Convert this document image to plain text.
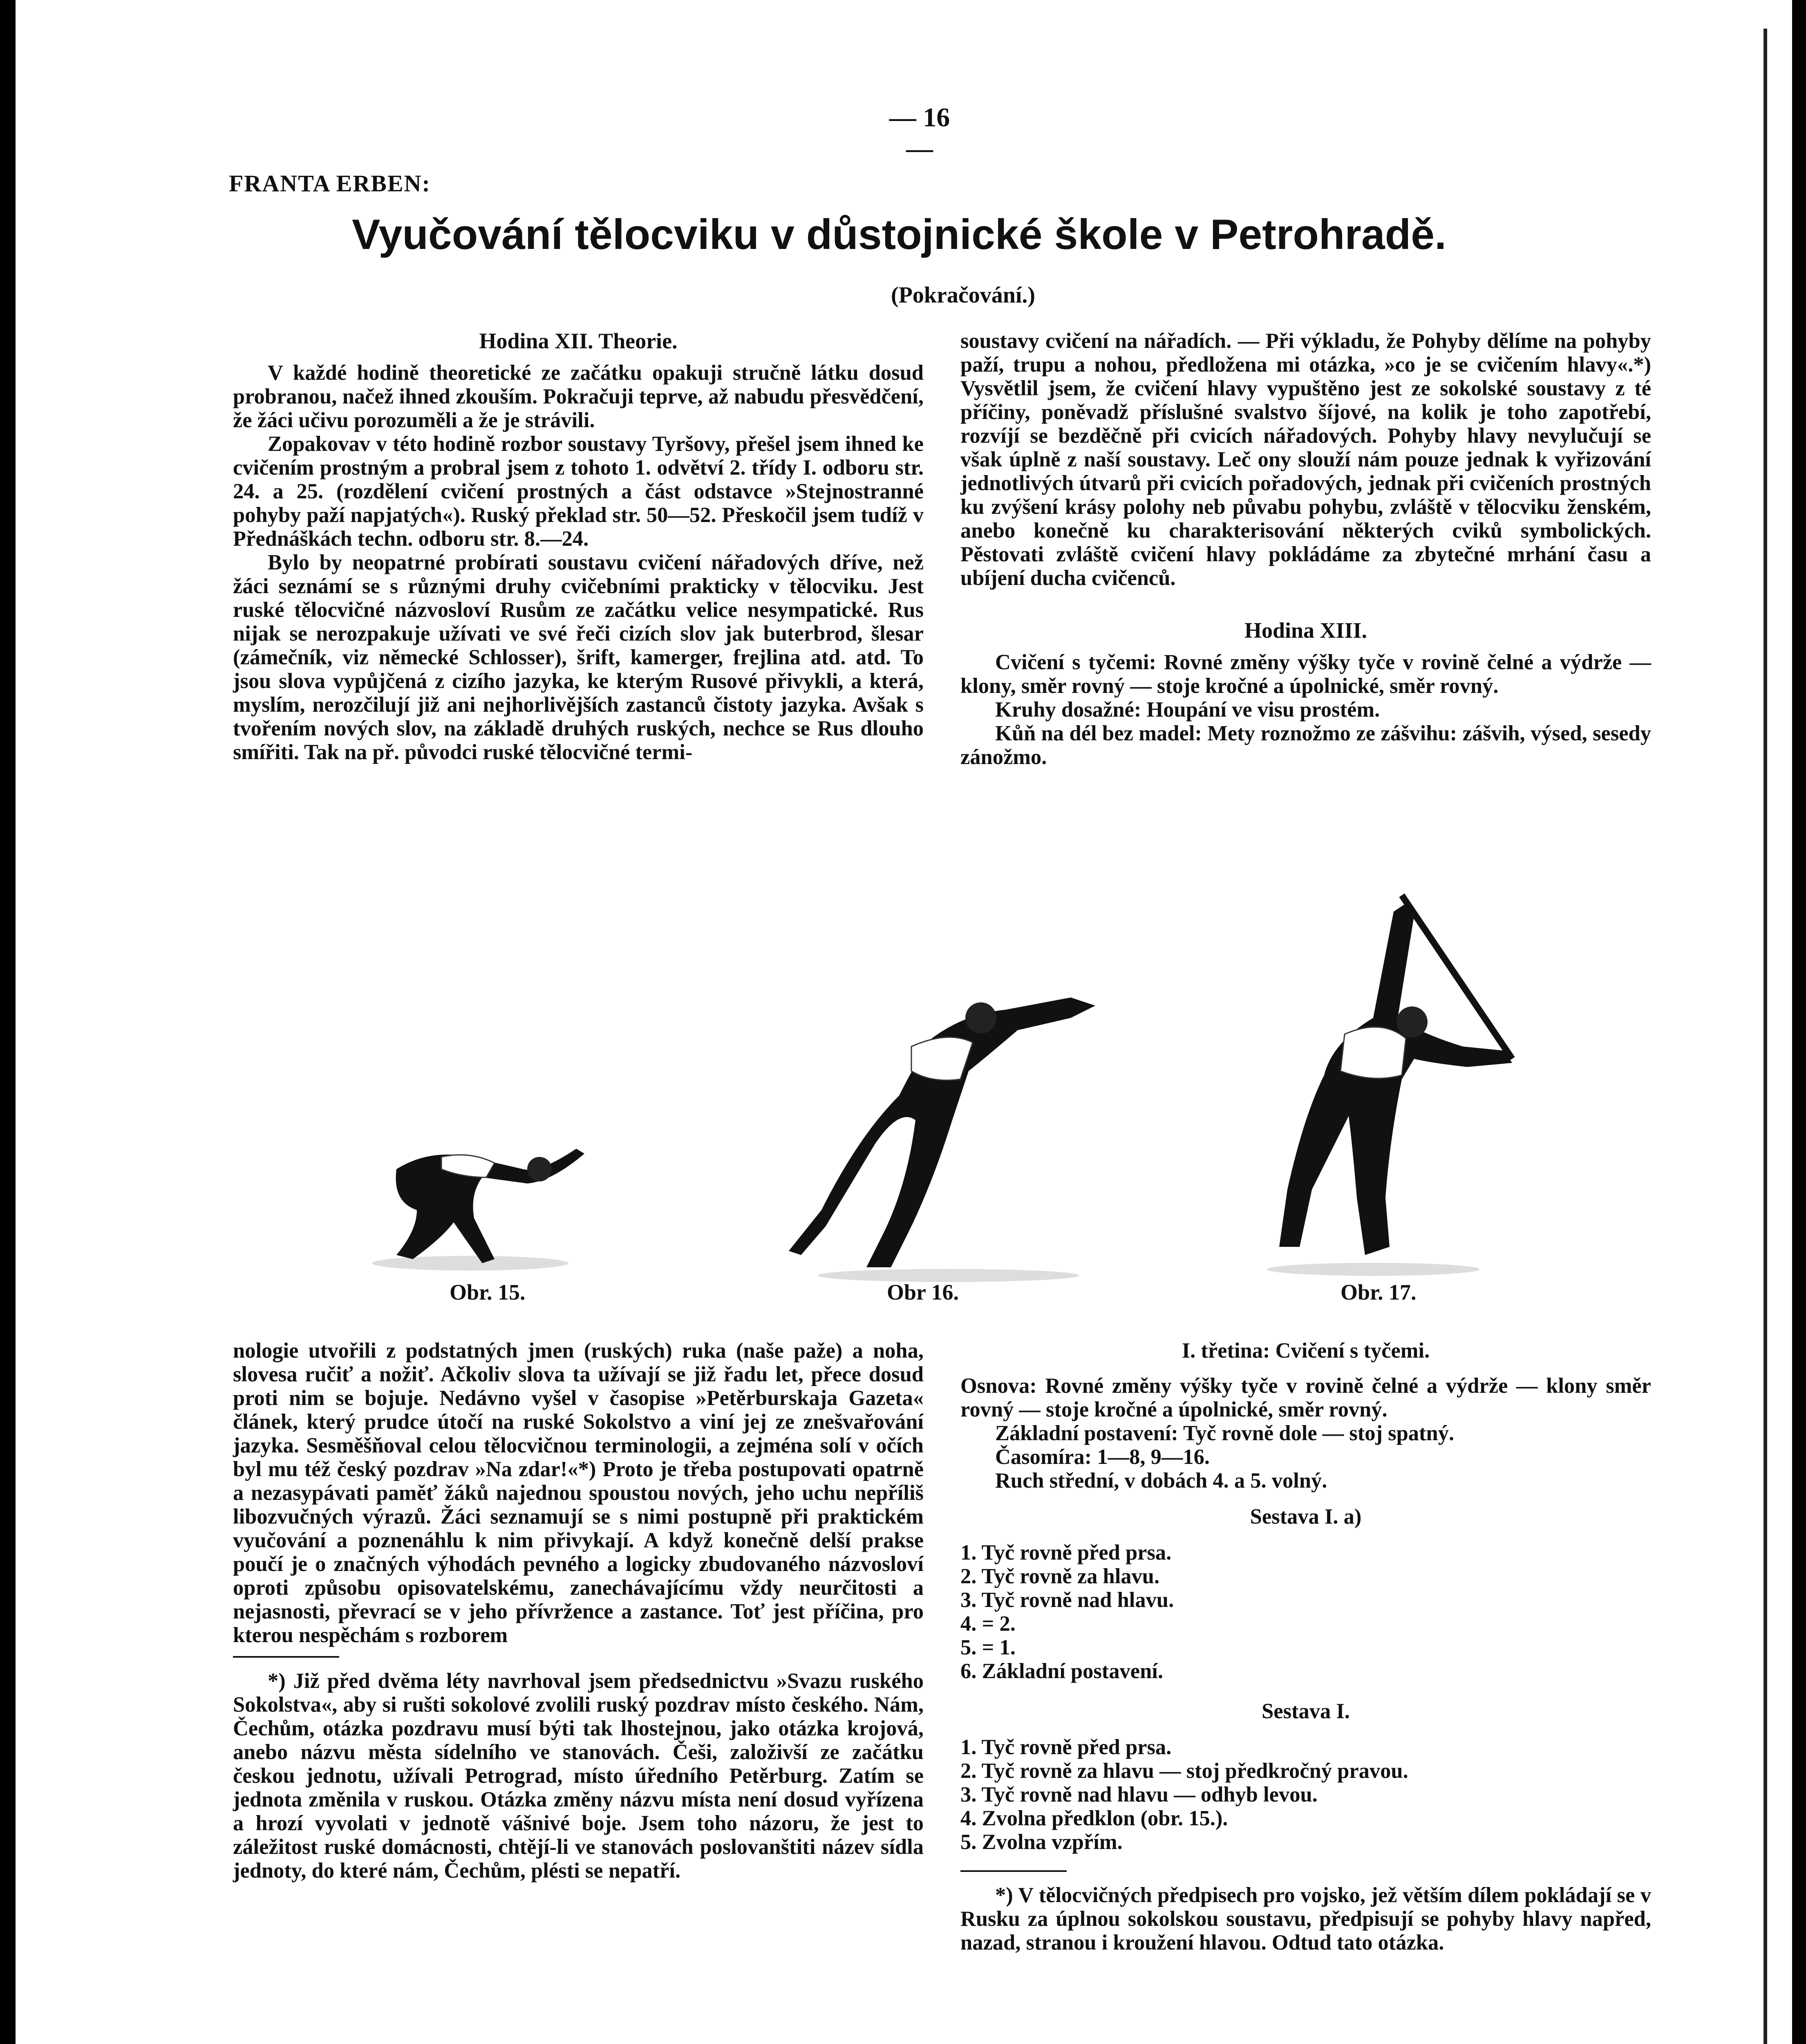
— 16 —
FRANTA ERBEN:
Vyučování tělocviku v důstojnické škole v Petrohradě.
(Pokračování.)
Hodina XII. Theorie.

V každé hodině theoretické ze začátku opakuji stručně látku dosud probranou, načež ihned zkouším. Pokračuji teprve, až nabudu přesvědčení, že žáci učivu porozuměli a že je strávili.

Zopakovav v této hodině rozbor soustavy Tyršovy, přešel jsem ihned ke cvičením prostným a probral jsem z tohoto 1. odvětví 2. třídy I. odboru str. 24. a 25. (rozdělení cvičení prostných a část odstavce »Stejnostranné pohyby paží napjatých«). Ruský překlad str. 50—52. Přeskočil jsem tudíž v Přednáškách techn. odboru str. 8.—24.

Bylo by neopatrné probírati soustavu cvičení nářadových dříve, než žáci seznámí se s různými druhy cvičebními prakticky v tělocviku. Jest ruské tělocvičné názvosloví Rusům ze začátku velice nesympatické. Rus nijak se nerozpakuje užívati ve své řeči cizích slov jak buterbrod, šlesar (zámečník, viz německé Schlosser), šrift, kamerger, frejlina atd. atd. To jsou slova vypůjčená z cizího jazyka, ke kterým Rusové přivykli, a která, myslím, nerozčilují již ani nejhorlivějších zastanců čistoty jazyka. Avšak s tvořením nových slov, na základě druhých ruských, nechce se Rus dlouho smířiti. Tak na př. původci ruské tělocvičné termi-

soustavy cvičení na nářadích. — Při výkladu, že Pohyby dělíme na pohyby paží, trupu a nohou, předložena mi otázka, »co je se cvičením hlavy«.*) Vysvětlil jsem, že cvičení hlavy vypuštěno jest ze sokolské soustavy z té příčiny, poněvadž příslušné svalstvo šíjové, na kolik je toho zapotřebí, rozvíjí se bezděčně při cvicích nářadových. Pohyby hlavy nevylučují se však úplně z naší soustavy. Leč ony slouží nám pouze jednak k vyřizování jednotlivých útvarů při cvicích pořadových, jednak při cvičeních prostných ku zvýšení krásy polohy neb půvabu pohybu, zvláště v tělocviku ženském, anebo konečně ku charakterisování některých cviků symbolických. Pěstovati zvláště cvičení hlavy pokládáme za zbytečné mrhání času a ubíjení ducha cvičenců.

Hodina XIII.

Cvičení s tyčemi: Rovné změny výšky tyče v rovině čelné a výdrže — klony, směr rovný — stoje kročné a úpolnické, směr rovný.

Kruhy dosažné: Houpání ve visu prostém.

Kůň na dél bez madel: Mety roznožmo ze zášvihu: zášvih, výsed, sesedy zánožmo.

Obr. 15.	Obr 16.	Obr. 17.

nologie utvořili z podstatných jmen (ruských) ruka (naše paže) a noha, slovesa ručiť a nožiť. Ačkoliv slova ta užívají se již řadu let, přece dosud proti nim se bojuje. Nedávno vyšel v časopise »Petěrburskaja Gazeta« článek, který prudce útočí na ruské Sokolstvo a viní jej ze znešvařování jazyka. Sesměšňoval celou tělocvičnou terminologii, a zejména solí v očích byl mu též český pozdrav »Na zdar!«*) Proto je třeba postupovati opatrně a nezasypávati paměť žáků najednou spoustou nových, jeho uchu nepříliš libozvučných výrazů. Žáci seznamují se s nimi postupně při praktickém vyučování a poznenáhlu k nim přivykají. A když konečně delší prakse poučí je o značných výhodách pevného a logicky zbudovaného názvosloví oproti způsobu opisovatelskému, zanechávajícímu vždy neurčitosti a nejasnosti, převrací se v jeho přívržence a zastance. Toť jest příčina, pro kterou nespěchám s rozborem

*) Již před dvěma léty navrhoval jsem předsednictvu »Svazu ruského Sokolstva«, aby si rušti sokolové zvolili ruský pozdrav místo českého. Nám, Čechům, otázka pozdravu musí býti tak lhostejnou, jako otázka krojová, anebo názvu města sídelního ve stanovách. Češi, založivší ze začátku českou jednotu, užívali Petrograd, místo úředního Petěrburg. Zatím se jednota změnila v ruskou. Otázka změny názvu místa není dosud vyřízena a hrozí vyvolati v jednotě vášnivé boje. Jsem toho názoru, že jest to záležitost ruské domácnosti, chtějí-li ve stanovách poslovanštiti název sídla jednoty, do které nám, Čechům, plésti se nepatří.

I. třetina: Cvičení s tyčemi.

Osnova: Rovné změny výšky tyče v rovině čelné a výdrže — klony směr rovný — stoje kročné a úpolnické, směr rovný.

Základní postavení: Tyč rovně dole — stoj spatný.

Časomíra: 1—8, 9—16.

Ruch střední, v dobách 4. a 5. volný.

Sestava I. a)

1. Tyč rovně před prsa.
2. Tyč rovně za hlavu.
3. Tyč rovně nad hlavu.
4. = 2.
5. = 1.
6. Základní postavení.

Sestava I.

1. Tyč rovně před prsa.
2. Tyč rovně za hlavu — stoj předkročný pravou.
3. Tyč rovně nad hlavu — odhyb levou.
4. Zvolna předklon (obr. 15.).
5. Zvolna vzpřím.

*) V tělocvičných předpisech pro vojsko, jež větším dílem pokládají se v Rusku za úplnou sokolskou soustavu, předpisují se pohyby hlavy napřed, nazad, stranou i kroužení hlavou. Odtud tato otázka.
